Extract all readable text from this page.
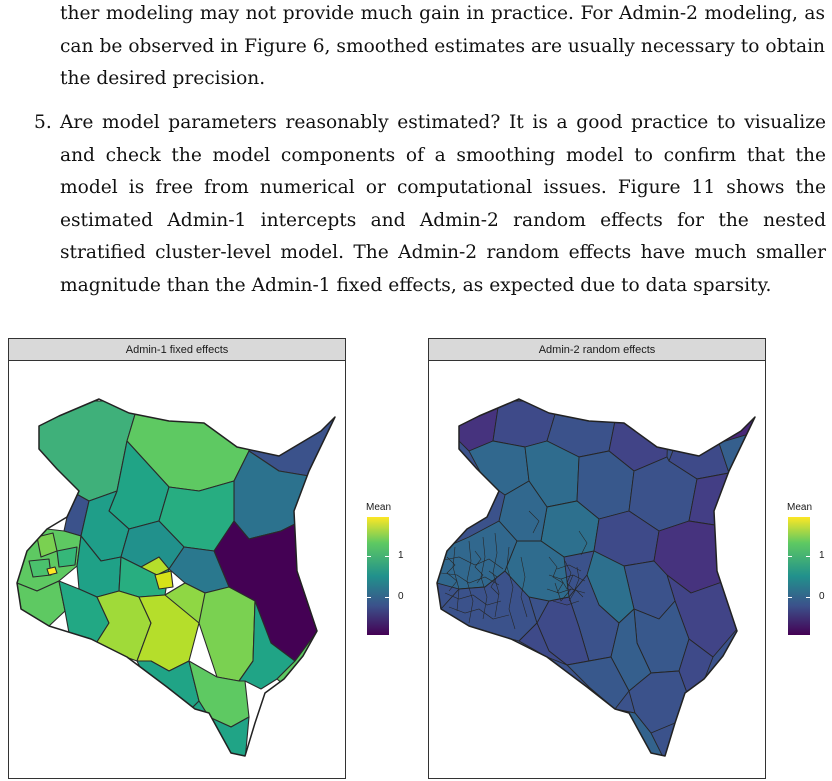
ther modeling may not provide much gain in practice. For Admin-2 modeling, as can be observed in Figure 6, smoothed estimates are usually necessary to obtain the desired precision.

5. Are model parameters reasonably estimated? It is a good practice to visualize and check the model components of a smoothing model to confirm that the model is free from numerical or computational issues. Figure 11 shows the estimated Admin-1 intercepts and Admin-2 random effects for the nested stratified cluster-level model. The Admin-2 random effects have much smaller magnitude than the Admin-1 fixed effects, as expected due to data sparsity.

Admin-1 fixed effects
Mean
1
0
Admin-2 random effects
Mean
1
0
